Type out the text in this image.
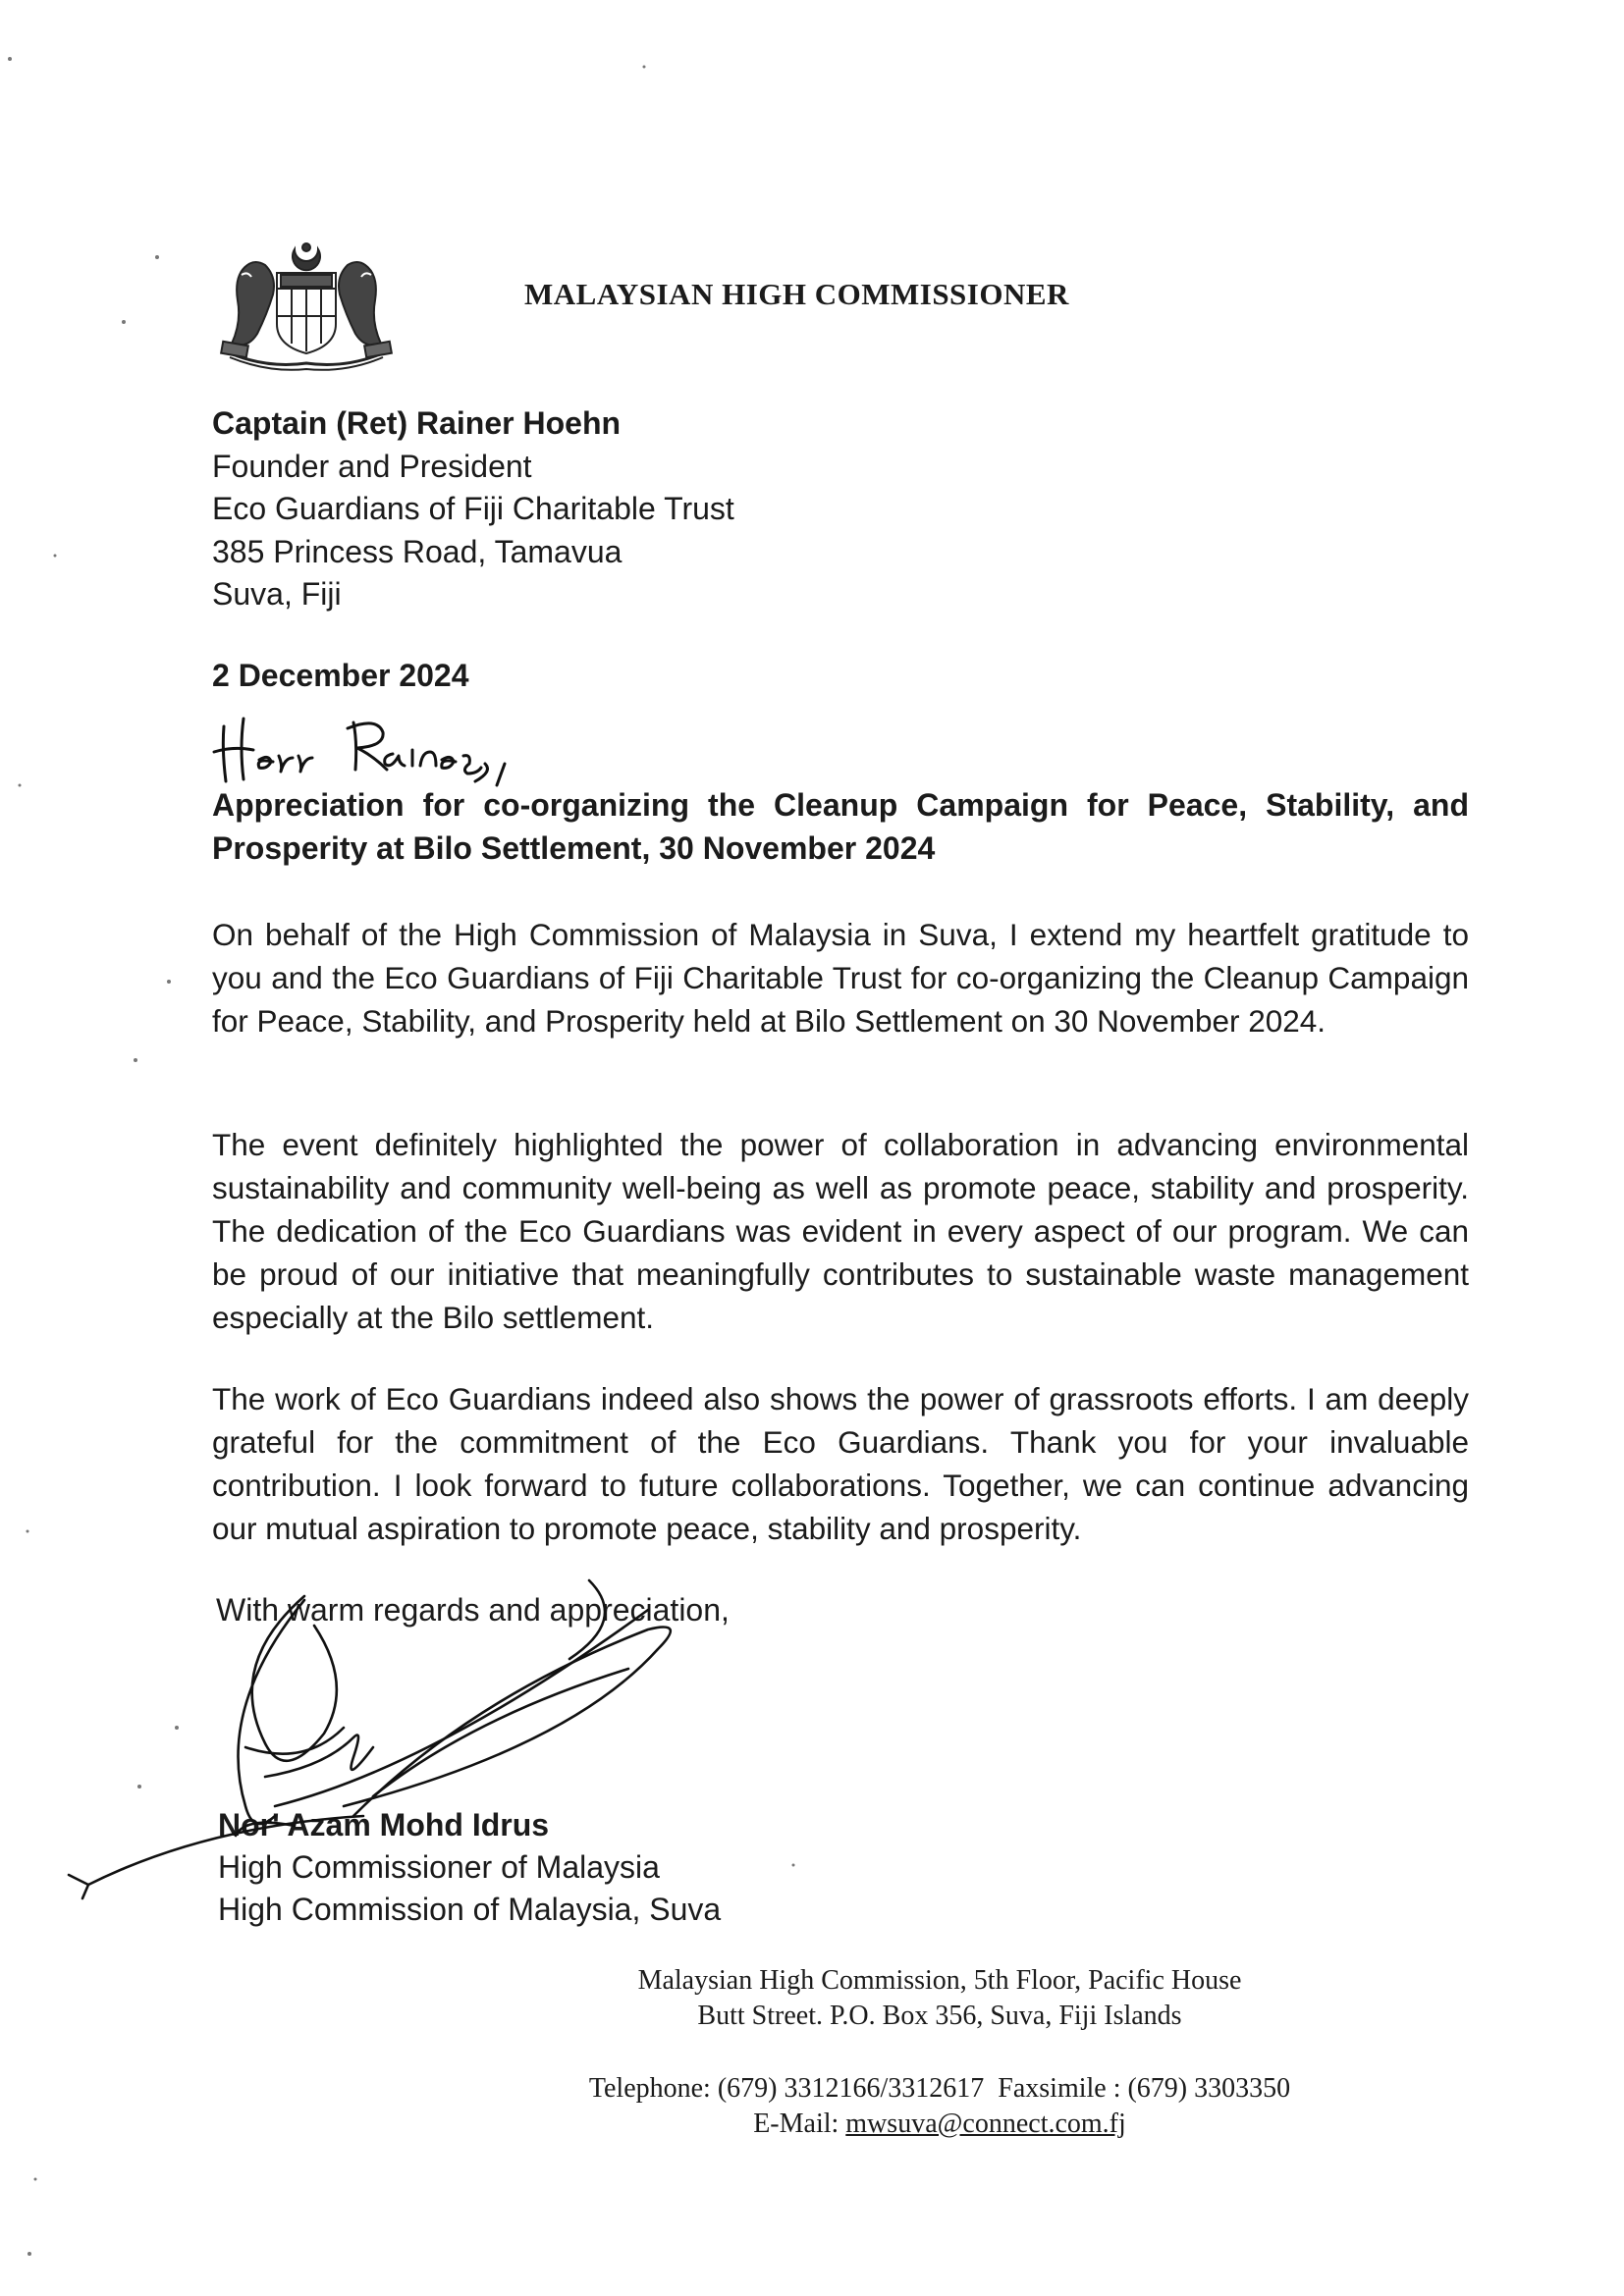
MALAYSIAN HIGH COMMISSIONER
Captain (Ret) Rainer Hoehn
Founder and President
Eco Guardians of Fiji Charitable Trust
385 Princess Road, Tamavua
Suva, Fiji
2 December 2024
Appreciation for co-organizing the Cleanup Campaign for Peace, Stability, and Prosperity at Bilo Settlement, 30 November 2024
On behalf of the High Commission of Malaysia in Suva, I extend my heartfelt gratitude to you and the Eco Guardians of Fiji Charitable Trust for co-organizing the Cleanup Campaign for Peace, Stability, and Prosperity held at Bilo Settlement on 30 November 2024.
The event definitely highlighted the power of collaboration in advancing environmental sustainability and community well-being as well as promote peace, stability and prosperity. The dedication of the Eco Guardians was evident in every aspect of our program. We can be proud of our initiative that meaningfully contributes to sustainable waste management especially at the Bilo settlement.
The work of Eco Guardians indeed also shows the power of grassroots efforts. I am deeply grateful for the commitment of the Eco Guardians. Thank you for your invaluable contribution. I look forward to future collaborations. Together, we can continue advancing our mutual aspiration to promote peace, stability and prosperity.
With warm regards and appreciation,
Nor' Azam Mohd Idrus
High Commissioner of Malaysia
High Commission of Malaysia, Suva
Malaysian High Commission, 5th Floor, Pacific House
Butt Street. P.O. Box 356, Suva, Fiji Islands
Telephone: (679) 3312166/3312617 Faxsimile : (679) 3303350
E-Mail: mwsuva@connect.com.fj
